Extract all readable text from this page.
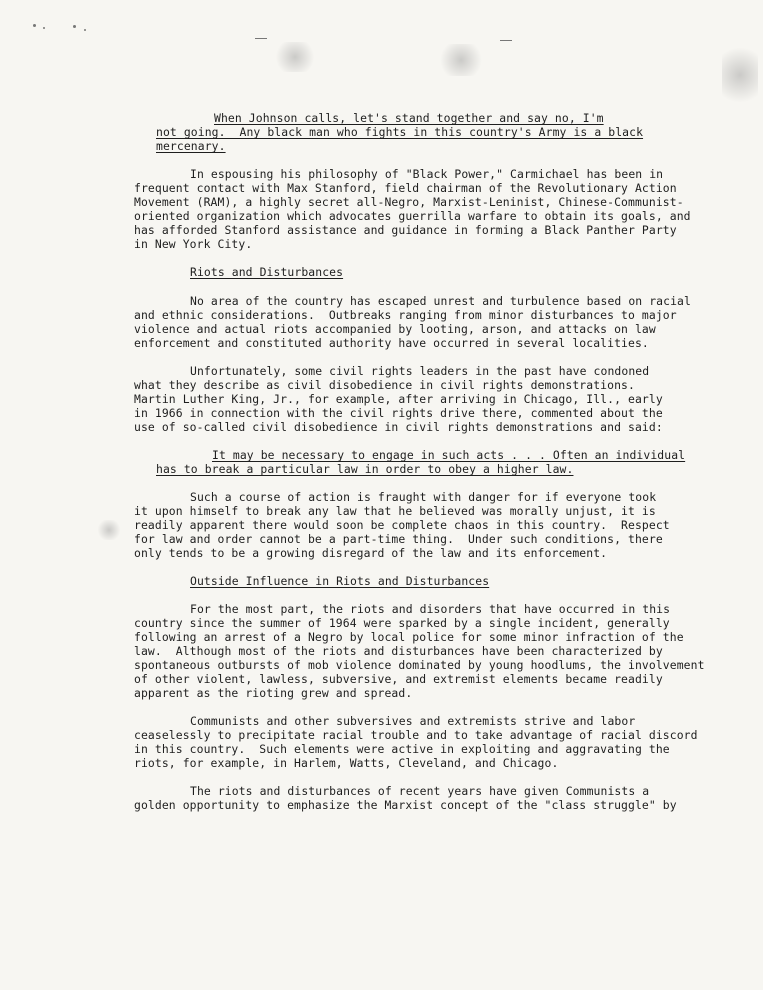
When Johnson calls, let's stand together and say no, I'm
not going.  Any black man who fights in this country's Army is a black
mercenary.
In espousing his philosophy of "Black Power," Carmichael has been in
frequent contact with Max Stanford, field chairman of the Revolutionary Action
Movement (RAM), a highly secret all-Negro, Marxist-Leninist, Chinese-Communist-
oriented organization which advocates guerrilla warfare to obtain its goals, and
has afforded Stanford assistance and guidance in forming a Black Panther Party
in New York City.
Riots and Disturbances
No area of the country has escaped unrest and turbulence based on racial
and ethnic considerations.  Outbreaks ranging from minor disturbances to major
violence and actual riots accompanied by looting, arson, and attacks on law
enforcement and constituted authority have occurred in several localities.
Unfortunately, some civil rights leaders in the past have condoned
what they describe as civil disobedience in civil rights demonstrations.
Martin Luther King, Jr., for example, after arriving in Chicago, Ill., early
in 1966 in connection with the civil rights drive there, commented about the
use of so-called civil disobedience in civil rights demonstrations and said:
It may be necessary to engage in such acts . . . Often an individual
has to break a particular law in order to obey a higher law.
Such a course of action is fraught with danger for if everyone took
it upon himself to break any law that he believed was morally unjust, it is
readily apparent there would soon be complete chaos in this country.  Respect
for law and order cannot be a part-time thing.  Under such conditions, there
only tends to be a growing disregard of the law and its enforcement.
Outside Influence in Riots and Disturbances
For the most part, the riots and disorders that have occurred in this
country since the summer of 1964 were sparked by a single incident, generally
following an arrest of a Negro by local police for some minor infraction of the
law.  Although most of the riots and disturbances have been characterized by
spontaneous outbursts of mob violence dominated by young hoodlums, the involvement
of other violent, lawless, subversive, and extremist elements became readily
apparent as the rioting grew and spread.
Communists and other subversives and extremists strive and labor
ceaselessly to precipitate racial trouble and to take advantage of racial discord
in this country.  Such elements were active in exploiting and aggravating the
riots, for example, in Harlem, Watts, Cleveland, and Chicago.
The riots and disturbances of recent years have given Communists a
golden opportunity to emphasize the Marxist concept of the "class struggle" by
